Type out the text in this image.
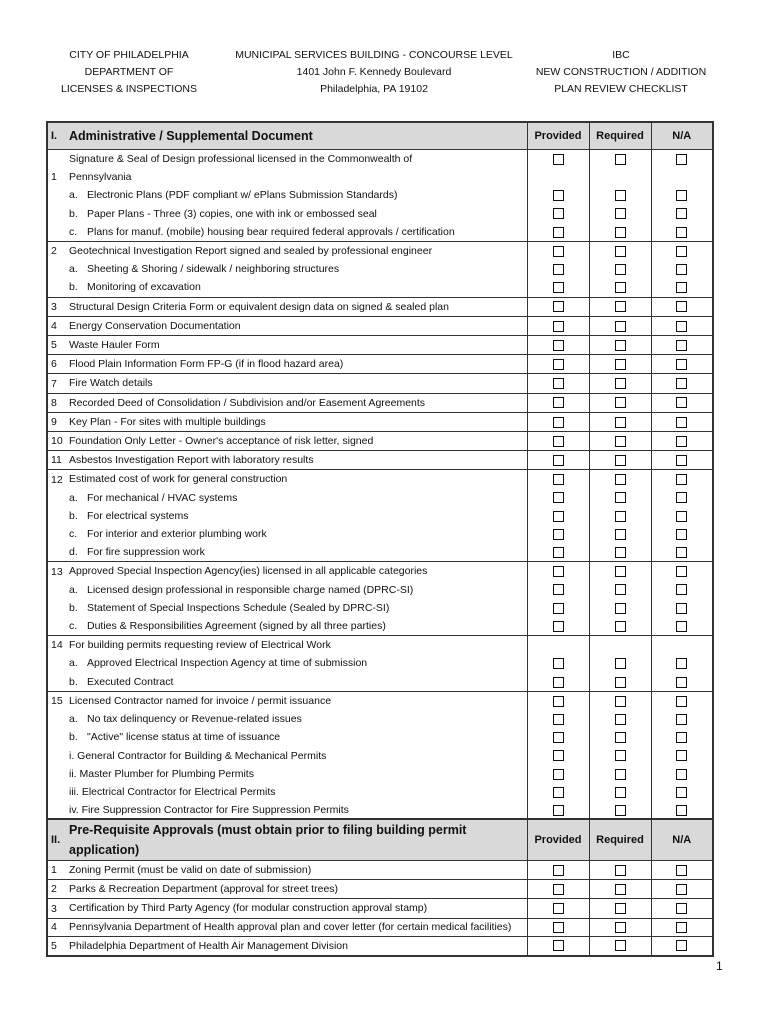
CITY OF PHILADELPHIA
DEPARTMENT OF
LICENSES & INSPECTIONS
MUNICIPAL SERVICES BUILDING - CONCOURSE LEVEL
1401 John F. Kennedy Boulevard
Philadelphia, PA 19102
IBC
NEW CONSTRUCTION / ADDITION
PLAN REVIEW CHECKLIST
I.	Administrative / Supplemental Document	Provided	Required	N/A
	Signature & Seal of Design professional licensed in the Commonwealth of			
1	Pennsylvania			
	a. Electronic Plans (PDF compliant w/ ePlans Submission Standards)			
	b. Paper Plans - Three (3) copies, one with ink or embossed seal			
	c. Plans for manuf. (mobile) housing bear required federal approvals / certification			
2	Geotechnical Investigation Report signed and sealed by professional engineer			
	a. Sheeting & Shoring / sidewalk / neighboring structures			
	b. Monitoring of excavation			
3	Structural Design Criteria Form or equivalent design data on signed & sealed plan			
4	Energy Conservation Documentation			
5	Waste Hauler Form			
6	Flood Plain Information Form FP-G (if in flood hazard area)			
7	Fire Watch details			
8	Recorded Deed of Consolidation / Subdivision and/or Easement Agreements			
9	Key Plan - For sites with multiple buildings			
10	Foundation Only Letter - Owner's acceptance of risk letter, signed			
11	Asbestos Investigation Report with laboratory results			
12	Estimated cost of work for general construction			
	a. For mechanical / HVAC systems			
	b. For electrical systems			
	c. For interior and exterior plumbing work			
	d. For fire suppression work			
13	Approved Special Inspection Agency(ies) licensed in all applicable categories			
	a. Licensed design professional in responsible charge named (DPRC-SI)			
	b. Statement of Special Inspections Schedule (Sealed by DPRC-SI)			
	c. Duties & Responsibilities Agreement (signed by all three parties)			
14	For building permits requesting review of Electrical Work			
	a. Approved Electrical Inspection Agency at time of submission			
	b. Executed Contract			
15	Licensed Contractor named for invoice / permit issuance			
	a. No tax delinquency or Revenue-related issues			
	b. "Active" license status at time of issuance			
	i. General Contractor for Building & Mechanical Permits			
	ii. Master Plumber for Plumbing Permits			
	iii. Electrical Contractor for Electrical Permits			
	iv. Fire Suppression Contractor for Fire Suppression Permits			
II.	Pre-Requisite Approvals (must obtain prior to filing building permit application)	Provided	Required	N/A
1	Zoning Permit (must be valid on date of submission)			
2	Parks & Recreation Department (approval for street trees)			
3	Certification by Third Party Agency (for modular construction approval stamp)			
4	Pennsylvania Department of Health approval plan and cover letter (for certain medical facilities)			
5	Philadelphia Department of Health Air Management Division			
1
